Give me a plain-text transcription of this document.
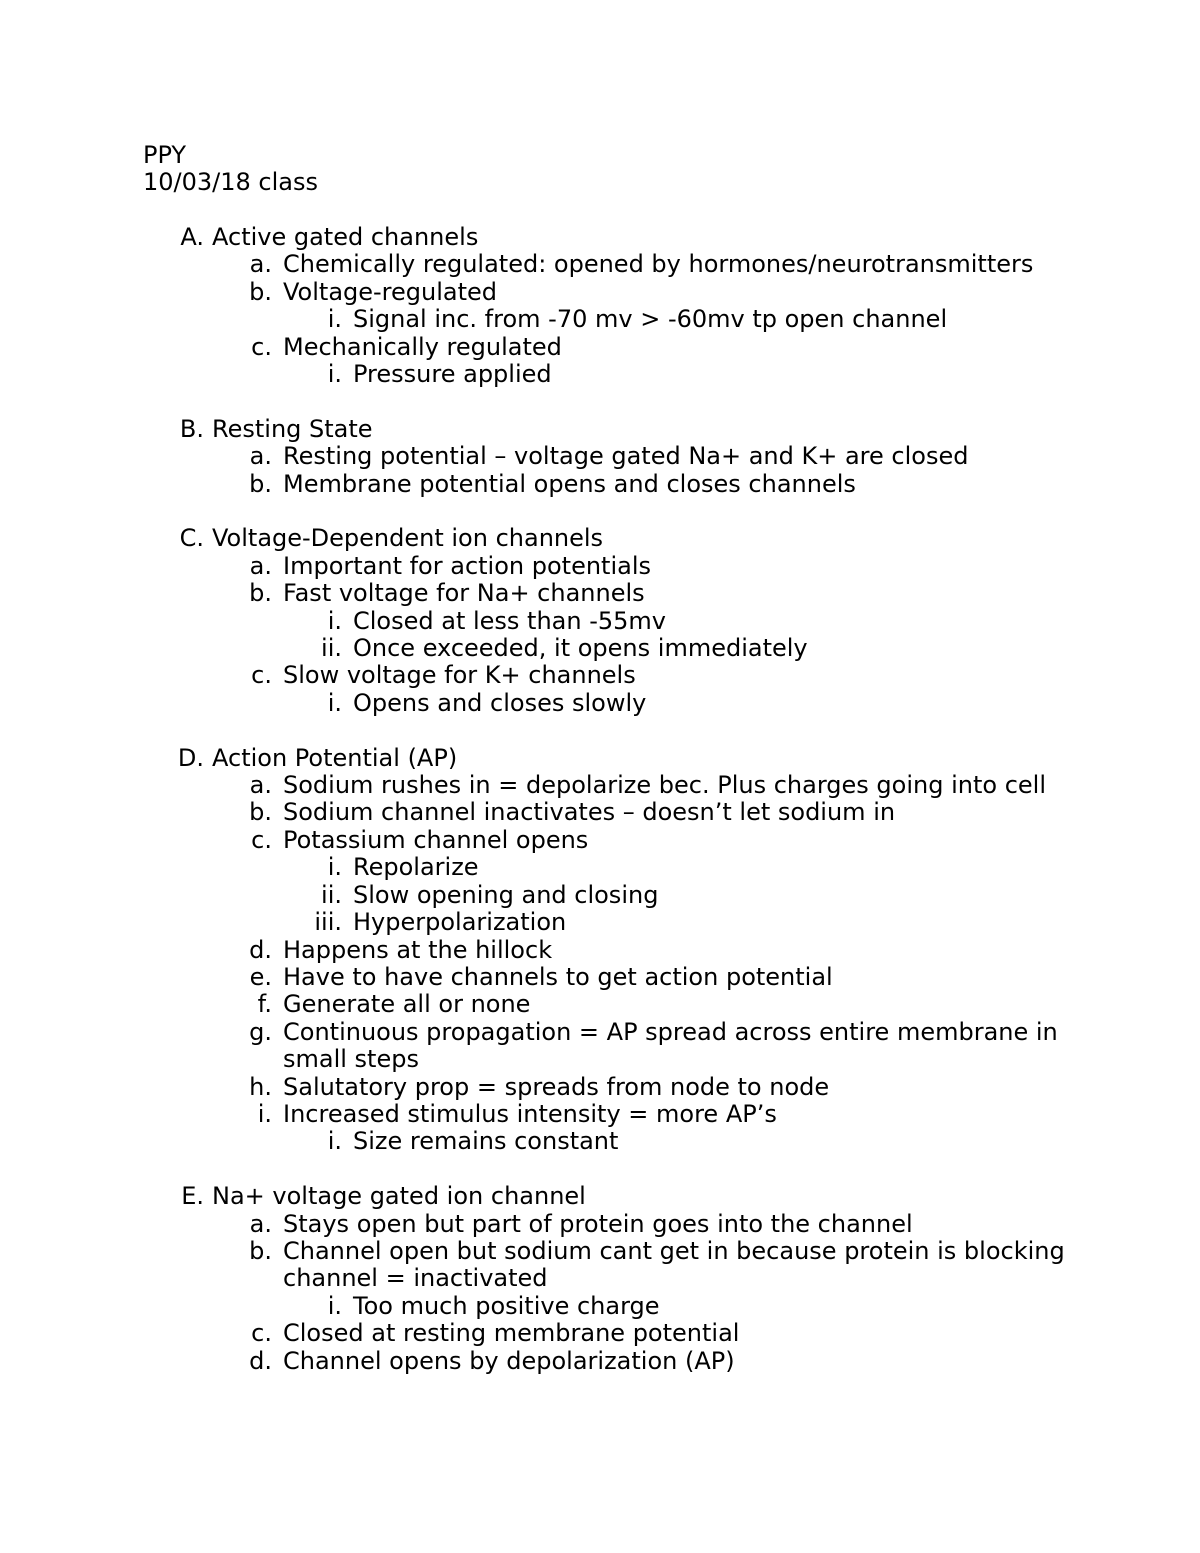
PPY
10/03/18 class
A. Active gated channels
a. Chemically regulated: opened by hormones/neurotransmitters
b. Voltage-regulated
i. Signal inc. from -70 mv > -60mv tp open channel
c. Mechanically regulated
i. Pressure applied
B. Resting State
a. Resting potential – voltage gated Na+ and K+ are closed
b. Membrane potential opens and closes channels
C. Voltage-Dependent ion channels
a. Important for action potentials
b. Fast voltage for Na+ channels
i. Closed at less than -55mv
ii. Once exceeded, it opens immediately
c. Slow voltage for K+ channels
i. Opens and closes slowly
D. Action Potential (AP)
a. Sodium rushes in = depolarize bec. Plus charges going into cell
b. Sodium channel inactivates – doesn’t let sodium in
c. Potassium channel opens
i. Repolarize
ii. Slow opening and closing
iii. Hyperpolarization
d. Happens at the hillock
e. Have to have channels to get action potential
f. Generate all or none
g. Continuous propagation = AP spread across entire membrane in
small steps
h. Salutatory prop = spreads from node to node
i. Increased stimulus intensity = more AP’s
i. Size remains constant
E. Na+ voltage gated ion channel
a. Stays open but part of protein goes into the channel
b. Channel open but sodium cant get in because protein is blocking
channel = inactivated
i. Too much positive charge
c. Closed at resting membrane potential
d. Channel opens by depolarization (AP)
